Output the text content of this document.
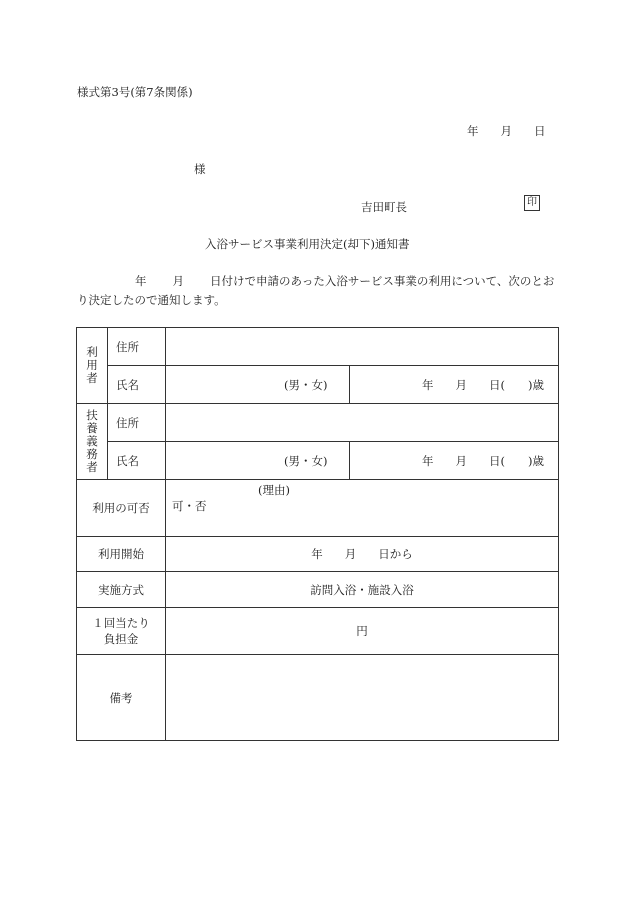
様式第3号(第7条関係)
年 月 日
様
吉田町長	印
入浴サービス事業利用決定(却下)通知書
年 月 日付けで申請のあった入浴サービス事業の利用について、次のとおり決定したので通知します。
利
用
者	住所		
	氏名	(男・女)	年 月 日(　　)歳

扶
養
義
務
者	住所		
	氏名	(男・女)	年 月 日(　　)歳

利用の可否		(理由)
可・否	

利用開始		年 月 日から	
実施方式		訪問入浴・施設入浴	

１回当たり
負担金		円	
備考			
